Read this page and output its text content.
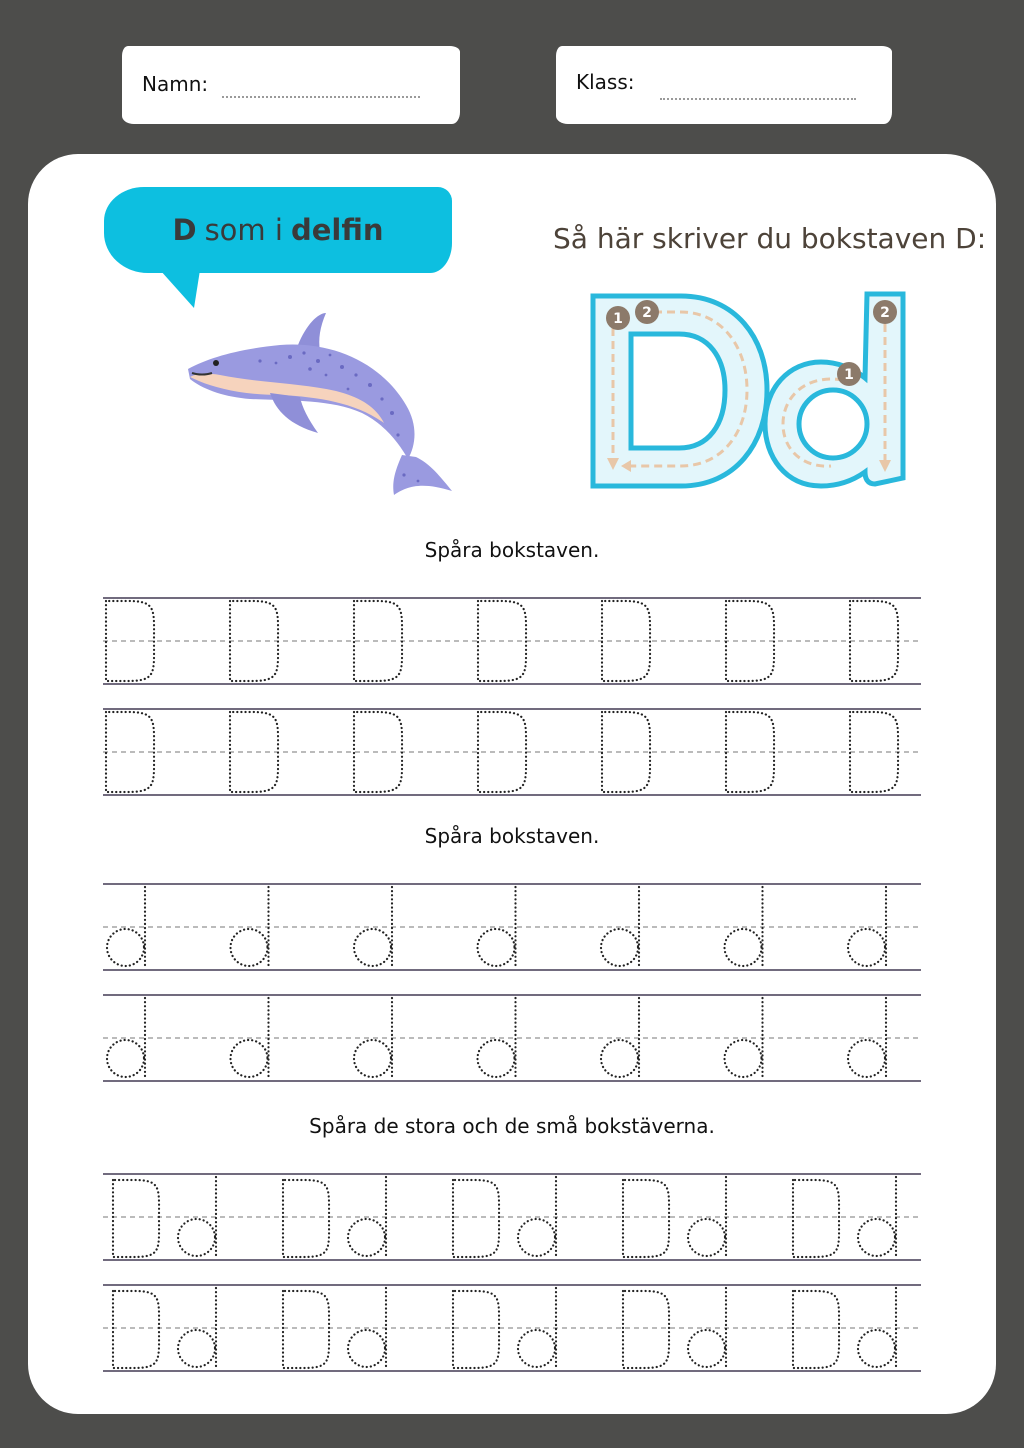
Namn:	Klass:
D som i delfin	Så här skriver du bokstaven D:
1 2
1
2
Spåra bokstaven.
Spåra bokstaven.
Spåra de stora och de små bokstäverna.
